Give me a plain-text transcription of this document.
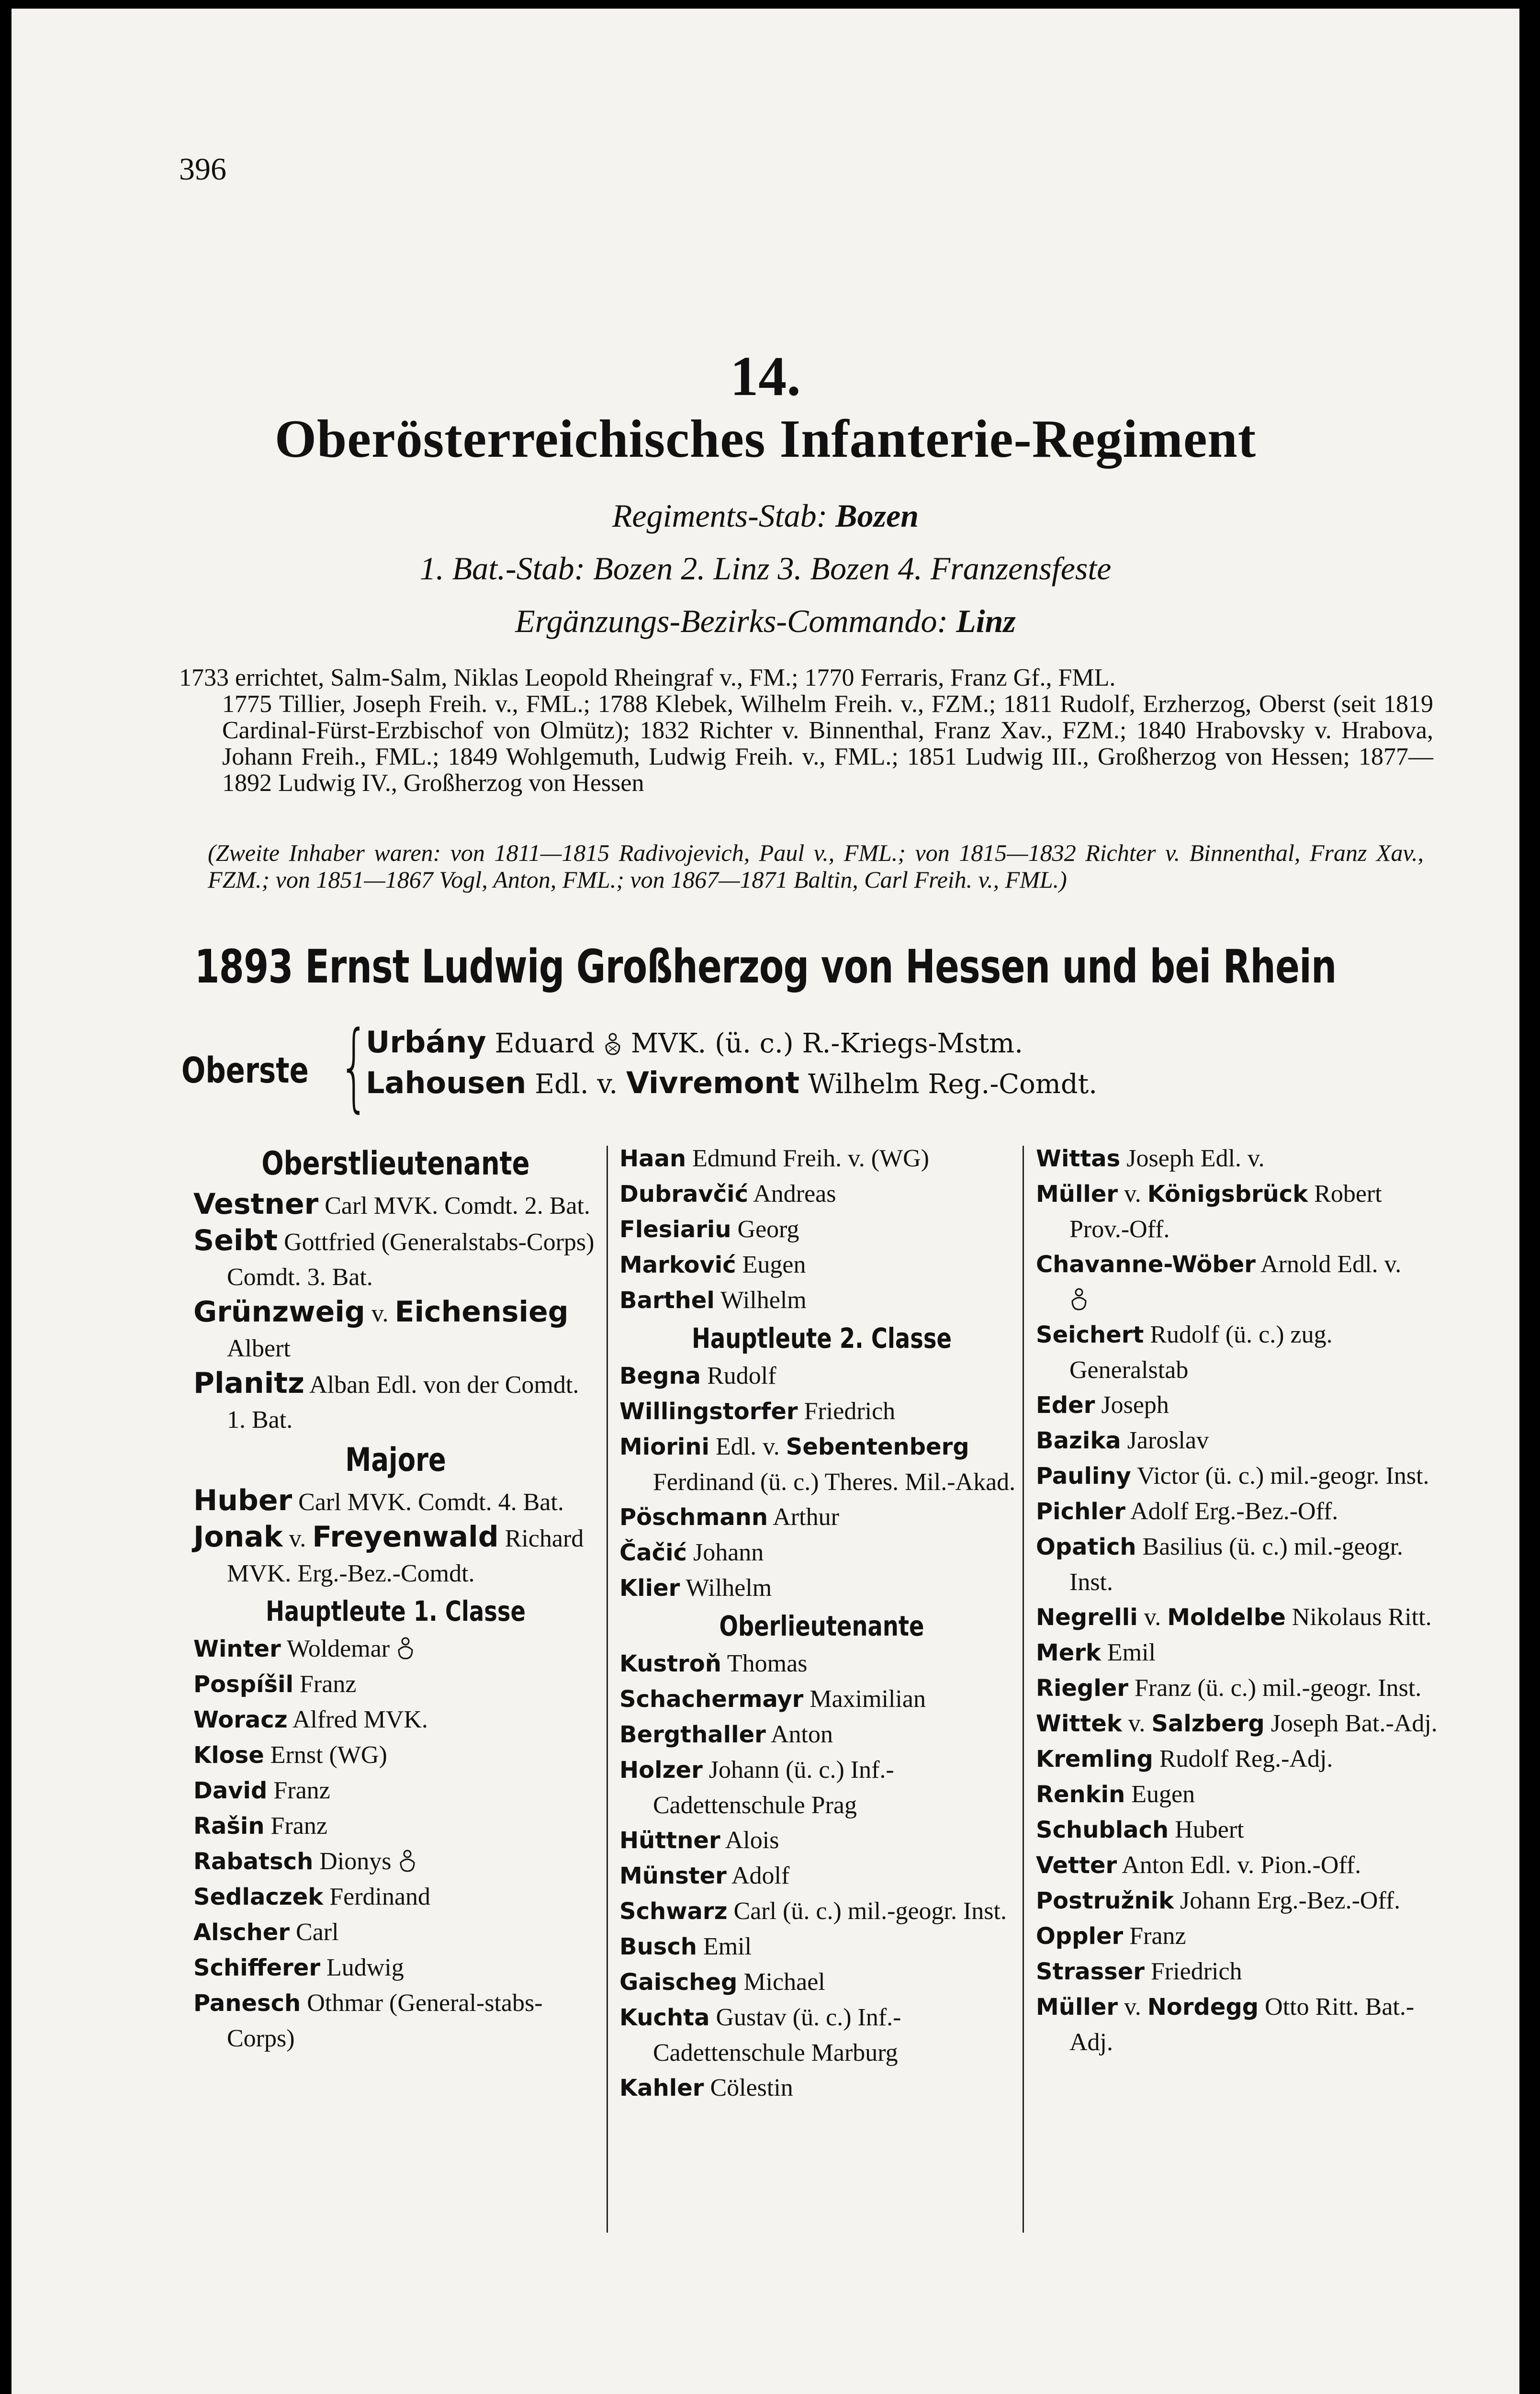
396
14.
Oberösterreichisches Infanterie-Regiment
Regiments-Stab: Bozen
1. Bat.-Stab: Bozen 2. Linz 3. Bozen 4. Franzensfeste
Ergänzungs-Bezirks-Commando: Linz
1733 errichtet, Salm-Salm, Niklas Leopold Rheingraf v., FM.; 1770 Ferraris, Franz Gf., FML.
1775 Tillier, Joseph Freih. v., FML.; 1788 Klebek, Wilhelm Freih. v., FZM.; 1811 Rudolf, Erzherzog, Oberst (seit 1819 Cardinal-Fürst-Erzbischof von Olmütz); 1832 Richter v. Binnenthal, Franz Xav., FZM.; 1840 Hrabovsky v. Hrabova, Johann Freih., FML.; 1849 Wohlgemuth, Ludwig Freih. v., FML.; 1851 Ludwig III., Großherzog von Hessen; 1877—1892 Ludwig IV., Großherzog von Hessen
(Zweite Inhaber waren: von 1811—1815 Radivojevich, Paul v., FML.; von 1815—1832 Richter v. Binnenthal, Franz Xav., FZM.; von 1851—1867 Vogl, Anton, FML.; von 1867—1871 Baltin, Carl Freih. v., FML.)
1893 Ernst Ludwig Großherzog von Hessen und bei Rhein
Oberste {
Urbány Eduard MVK. (ü. c.) R.-Kriegs-Mstm.
Lahousen Edl. v. Vivremont Wilhelm Reg.-Comdt.
Oberstlieutenante
Vestner Carl MVK. Comdt. 2. Bat.
Seibt Gottfried (Generalstabs-Corps) Comdt. 3. Bat.
Grünzweig v. Eichensieg Albert
Planitz Alban Edl. von der Comdt. 1. Bat.
Majore
Huber Carl MVK. Comdt. 4. Bat.
Jonak v. Freyenwald Richard MVK. Erg.-Bez.-Comdt.
Hauptleute 1. Classe
Winter Woldemar
Pospíšil Franz
Woracz Alfred MVK.
Klose Ernst (WG)
David Franz
Rašin Franz
Rabatsch Dionys
Sedlaczek Ferdinand
Alscher Carl
Schifferer Ludwig
Panesch Othmar (General-stabs-Corps)
Haan Edmund Freih. v. (WG)
Dubravčić Andreas
Flesiariu Georg
Marković Eugen
Barthel Wilhelm
Hauptleute 2. Classe
Begna Rudolf
Willingstorfer Friedrich
Miorini Edl. v. Sebentenberg Ferdinand (ü. c.) Theres. Mil.-Akad.
Pöschmann Arthur
Čačić Johann
Klier Wilhelm
Oberlieutenante
Kustroň Thomas
Schachermayr Maximilian
Bergthaller Anton
Holzer Johann (ü. c.) Inf.-Cadettenschule Prag
Hüttner Alois
Münster Adolf
Schwarz Carl (ü. c.) mil.-geogr. Inst.
Busch Emil
Gaischeg Michael
Kuchta Gustav (ü. c.) Inf.-Cadettenschule Marburg
Kahler Cölestin
Wittas Joseph Edl. v.
Müller v. Königsbrück Robert Prov.-Off.
Chavanne-Wöber Arnold Edl. v.

Seichert Rudolf (ü. c.) zug. Generalstab
Eder Joseph
Bazika Jaroslav
Pauliny Victor (ü. c.) mil.-geogr. Inst.
Pichler Adolf Erg.-Bez.-Off.
Opatich Basilius (ü. c.) mil.-geogr. Inst.
Negrelli v. Moldelbe Nikolaus Ritt.
Merk Emil
Riegler Franz (ü. c.) mil.-geogr. Inst.
Wittek v. Salzberg Joseph Bat.-Adj.
Kremling Rudolf Reg.-Adj.
Renkin Eugen
Schublach Hubert
Vetter Anton Edl. v. Pion.-Off.
Postružnik Johann Erg.-Bez.-Off.
Oppler Franz
Strasser Friedrich
Müller v. Nordegg Otto Ritt. Bat.-Adj.
